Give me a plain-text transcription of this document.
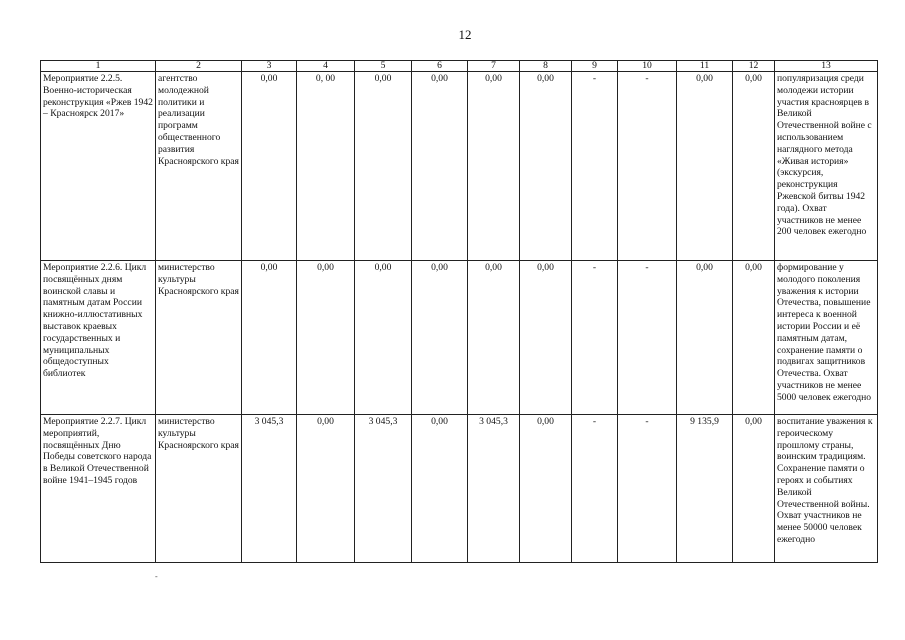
12
1	2	3	4	5	6	7	8	9	10	11	12	13
Мероприятие 2.2.5. Военно-историческая реконструкция «Ржев 1942 – Красноярск 2017»	агентство молодежной политики и реализации программ общественного развития Красноярского края	0,00	0, 00	0,00	0,00	0,00	0,00	-	-	0,00	0,00	популяризация среди молодежи истории участия красноярцев в Великой Отечественной войне с использованием наглядного метода «Живая история» (экскурсия, реконструкция Ржевской битвы 1942 года). Охват участников не менее 200 человек ежегодно
Мероприятие 2.2.6. Цикл посвящённых дням воинской славы и памятным датам России книжно-иллюстативных выставок краевых государственных и муниципальных общедоступных библиотек	министерство культуры Красноярского края	0,00	0,00	0,00	0,00	0,00	0,00	-	-	0,00	0,00	формирование у молодого поколения уважения к истории Отечества, повышение интереса к военной истории России и её памятным датам, сохранение памяти о подвигах защитников Отечества. Охват участников не менее 5000 человек ежегодно
Мероприятие 2.2.7. Цикл мероприятий, посвящённых Дню Победы советского народа в Великой Отечественной войне 1941–1945 годов	министерство культуры Красноярского края	3 045,3	0,00	3 045,3	0,00	3 045,3	0,00	-	-	9 135,9	0,00	воспитание уважения к героическому прошлому страны, воинским традициям. Сохранение памяти о героях и событиях Великой Отечественной войны. Охват участников не менее 50000 человек ежегодно
-
